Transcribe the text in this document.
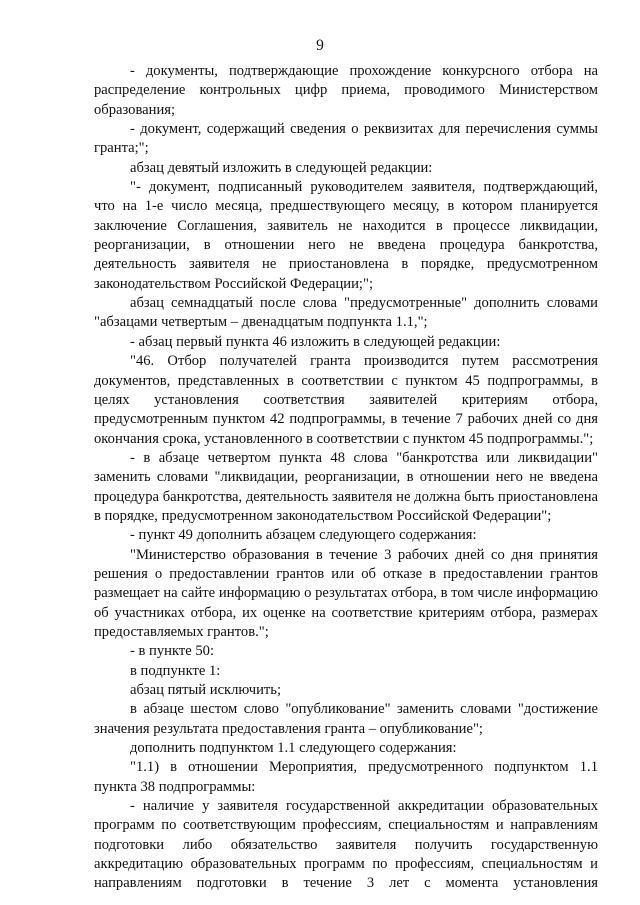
9

- документы, подтверждающие прохождение конкурсного отбора на распределение контрольных цифр приема, проводимого Министерством образования;

- документ, содержащий сведения о реквизитах для перечисления суммы гранта;";

абзац девятый изложить в следующей редакции:

"- документ, подписанный руководителем заявителя, подтверждающий, что на 1-е число месяца, предшествующего месяцу, в котором планируется заключение Соглашения, заявитель не находится в процессе ликвидации, реорганизации, в отношении него не введена процедура банкротства, деятельность заявителя не приостановлена в порядке, предусмотренном законодательством Российской Федерации;";

абзац семнадцатый после слова "предусмотренные" дополнить словами "абзацами четвертым – двенадцатым подпункта 1.1,";

- абзац первый пункта 46 изложить в следующей редакции:

"46. Отбор получателей гранта производится путем рассмотрения документов, представленных в соответствии с пунктом 45 подпрограммы, в целях установления соответствия заявителей критериям отбора, предусмотренным пунктом 42 подпрограммы, в течение 7 рабочих дней со дня окончания срока, установленного в соответствии с пунктом 45 подпрограммы.";

- в абзаце четвертом пункта 48 слова "банкротства или ликвидации" заменить словами "ликвидации, реорганизации, в отношении него не введена процедура банкротства, деятельность заявителя не должна быть приостановлена в порядке, предусмотренном законодательством Российской Федерации";

- пункт 49 дополнить абзацем следующего содержания:

"Министерство образования в течение 3 рабочих дней со дня принятия решения о предоставлении грантов или об отказе в предоставлении грантов размещает на сайте информацию о результатах отбора, в том числе информацию об участниках отбора, их оценке на соответствие критериям отбора, размерах предоставляемых грантов.";

- в пункте 50:

в подпункте 1:

абзац пятый исключить;

в абзаце шестом слово "опубликование" заменить словами "достижение значения результата предоставления гранта – опубликование";

дополнить подпунктом 1.1 следующего содержания:

"1.1) в отношении Мероприятия, предусмотренного подпунктом 1.1 пункта 38 подпрограммы:

- наличие у заявителя государственной аккредитации образовательных программ по соответствующим профессиям, специальностям и направлениям подготовки либо обязательство заявителя получить государственную аккредитацию образовательных программ по профессиям, специальностям и направлениям подготовки в течение 3 лет с момента установления
